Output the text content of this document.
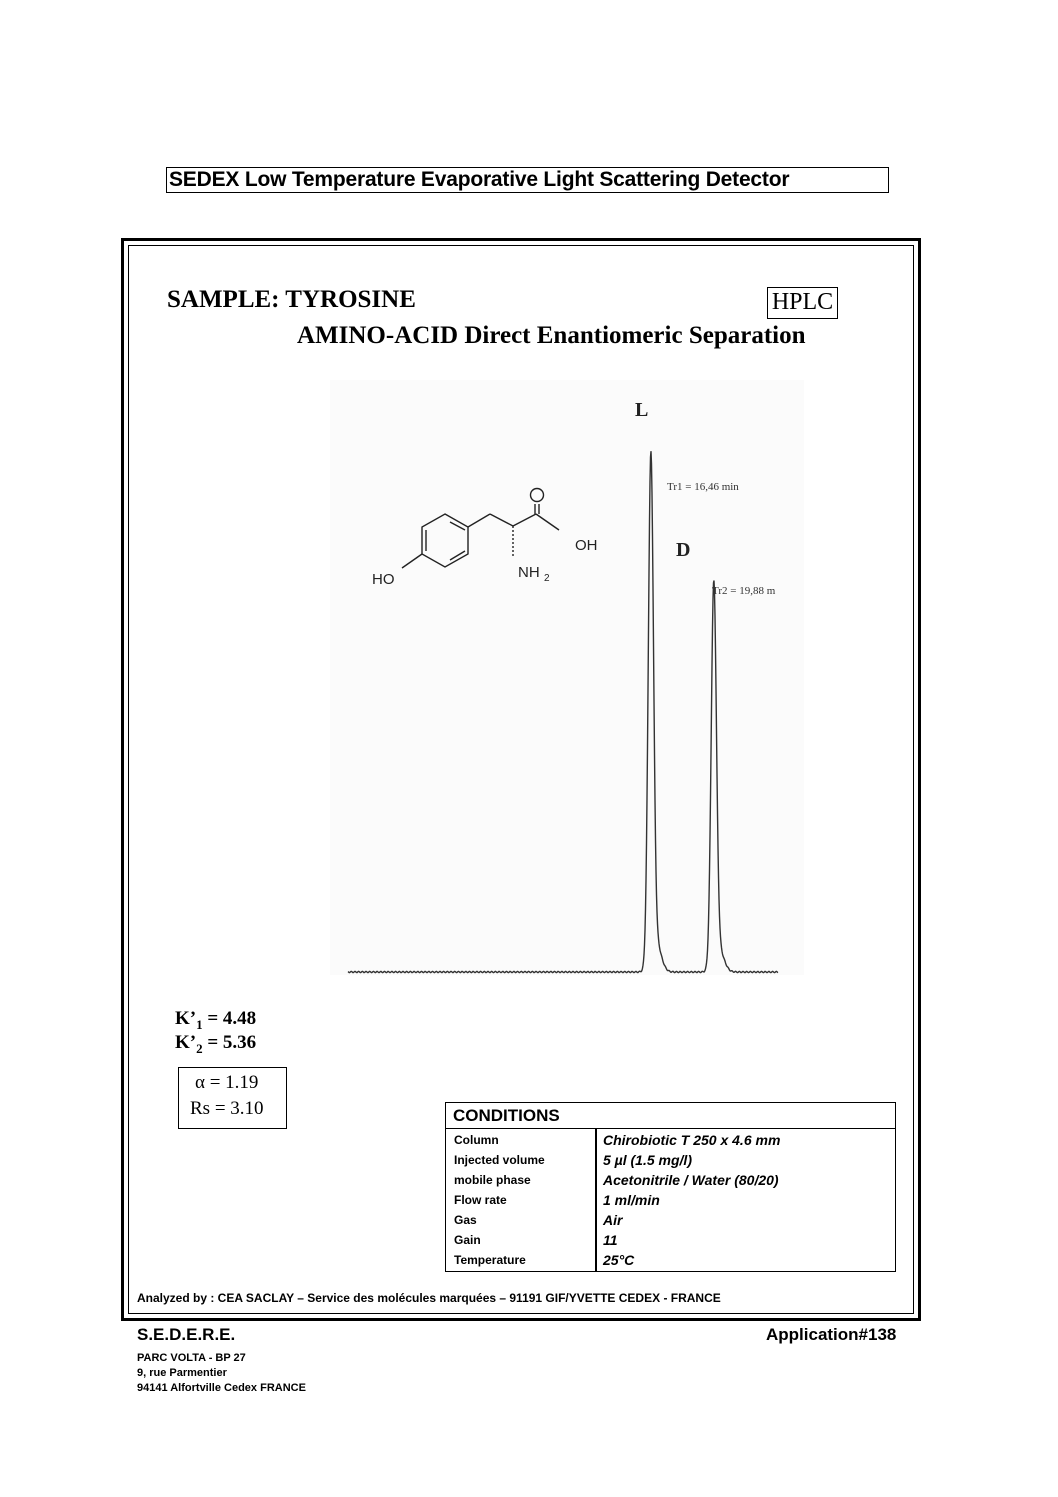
SEDEX Low Temperature Evaporative Light Scattering Detector
SAMPLE: TYROSINE	HPLC
AMINO-ACID Direct Enantiomeric Separation
HO
OH
NH 2
L
Tr1 = 16,46 min
D
Tr2 = 19,88 m
$K’_1 = 4.48$
$K’_2 = 5.36$
α = 1.19
Rs = 3.10	CONDITIONS
Column	Chirobiotic T 250 x 4.6 mm
Injected volume	5 µl (1.5 mg/l)
mobile phase	Acetonitrile / Water (80/20)
Flow rate	1 ml/min
Gas	Air
Gain	11
Temperature	25°C
Analyzed by : CEA SACLAY – Service des molécules marquées – 91191 GIF/YVETTE CEDEX - FRANCE
S.E.D.E.R.E.	Application#138
PARC VOLTA - BP 27
9, rue Parmentier
94141 Alfortville Cedex FRANCE
